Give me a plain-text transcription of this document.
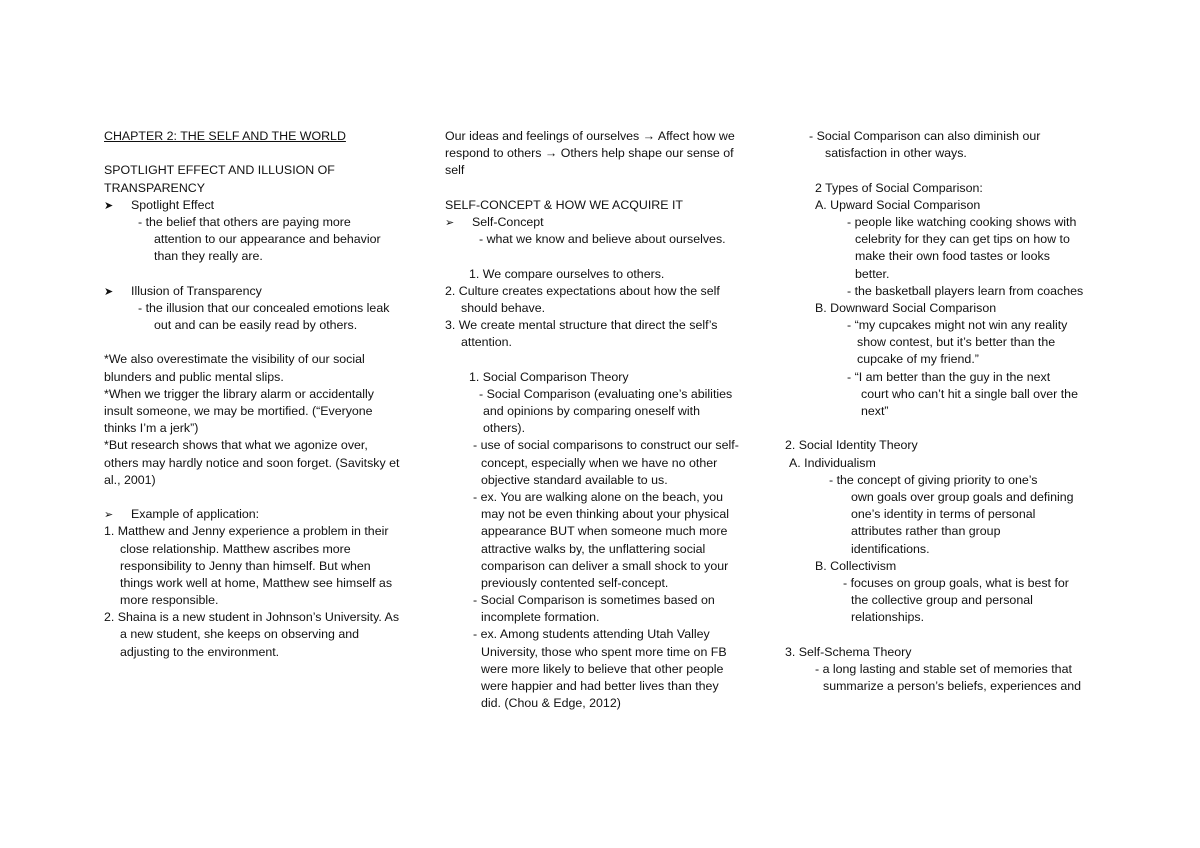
CHAPTER 2: THE SELF AND THE WORLD
SPOTLIGHT EFFECT AND ILLUSION OF
TRANSPARENCY
➤ Spotlight Effect
- the belief that others are paying more
attention to our appearance and behavior
than they really are.
➤ Illusion of Transparency
- the illusion that our concealed emotions leak
out and can be easily read by others.
*We also overestimate the visibility of our social
blunders and public mental slips.
*When we trigger the library alarm or accidentally
insult someone, we may be mortified. (“Everyone
thinks I’m a jerk”)
*But research shows that what we agonize over,
others may hardly notice and soon forget. (Savitsky et
al., 2001)
➢ Example of application:
1. Matthew and Jenny experience a problem in their
close relationship. Matthew ascribes more
responsibility to Jenny than himself. But when
things work well at home, Matthew see himself as
more responsible.
2. Shaina is a new student in Johnson’s University. As
a new student, she keeps on observing and
adjusting to the environment.
Our ideas and feelings of ourselves → Affect how we
respond to others → Others help shape our sense of
self
SELF-CONCEPT & HOW WE ACQUIRE IT
➢ Self-Concept
- what we know and believe about ourselves.
1. We compare ourselves to others.
2. Culture creates expectations about how the self
should behave.
3. We create mental structure that direct the self’s
attention.
1. Social Comparison Theory
- Social Comparison (evaluating one’s abilities
and opinions by comparing oneself with
others).
- use of social comparisons to construct our self-
concept, especially when we have no other
objective standard available to us.
- ex. You are walking alone on the beach, you
may not be even thinking about your physical
appearance BUT when someone much more
attractive walks by, the unflattering social
comparison can deliver a small shock to your
previously contented self-concept.
- Social Comparison is sometimes based on
incomplete formation.
- ex. Among students attending Utah Valley
University, those who spent more time on FB
were more likely to believe that other people
were happier and had better lives than they
did. (Chou & Edge, 2012)
- Social Comparison can also diminish our
satisfaction in other ways.
2 Types of Social Comparison:
A. Upward Social Comparison
- people like watching cooking shows with
celebrity for they can get tips on how to
make their own food tastes or looks
better.
- the basketball players learn from coaches
B. Downward Social Comparison
- “my cupcakes might not win any reality
show contest, but it’s better than the
cupcake of my friend.”
- “I am better than the guy in the next
court who can’t hit a single ball over the
next”
2. Social Identity Theory
A. Individualism
- the concept of giving priority to one’s
own goals over group goals and defining
one’s identity in terms of personal
attributes rather than group
identifications.
B. Collectivism
- focuses on group goals, what is best for
the collective group and personal
relationships.
3. Self-Schema Theory
- a long lasting and stable set of memories that
summarize a person’s beliefs, experiences and
